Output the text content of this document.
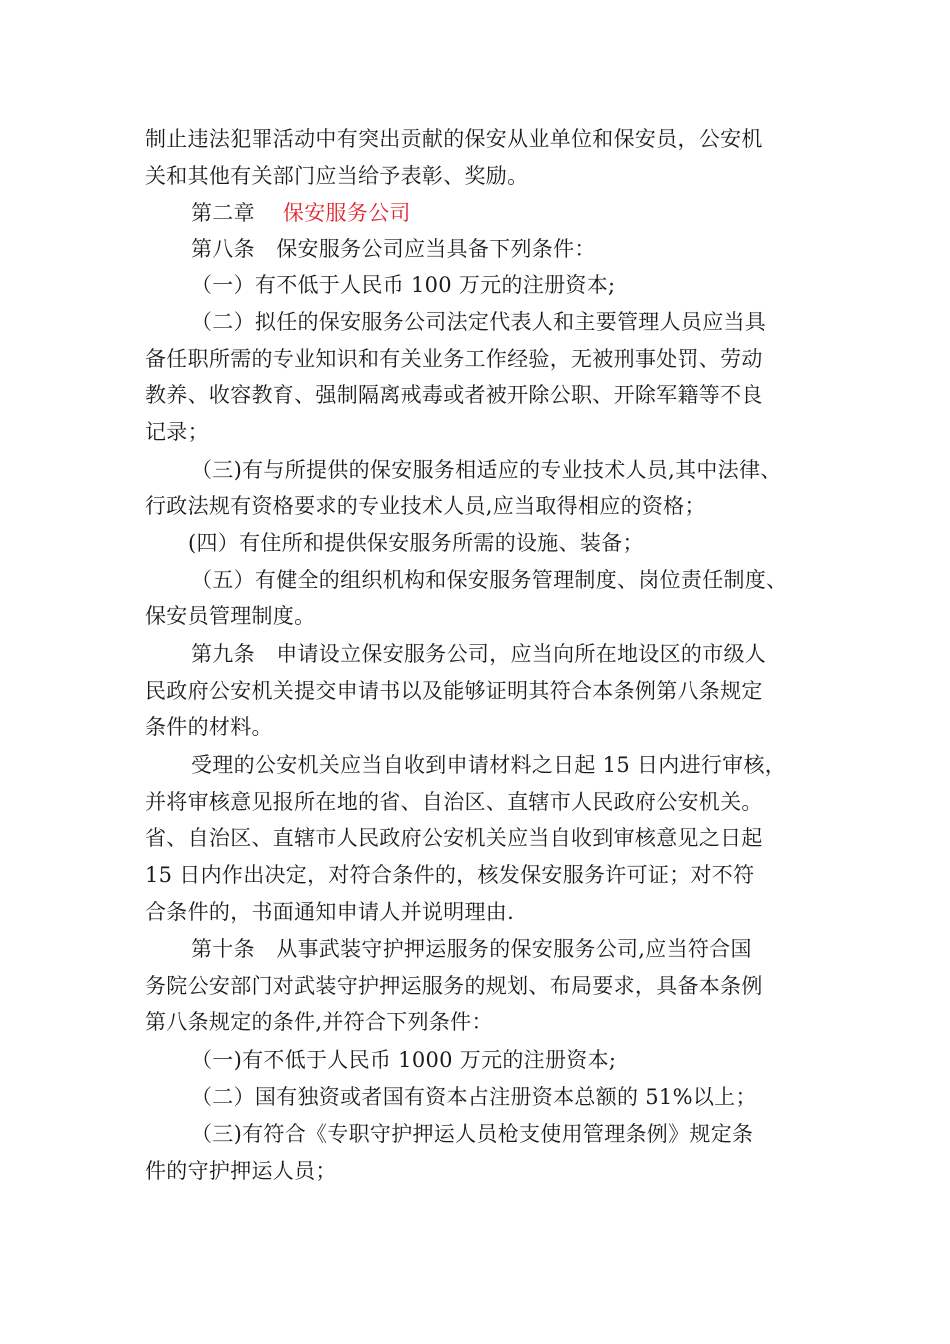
制止违法犯罪活动中有突出贡献的保安从业单位和保安员，公安机
关和其他有关部门应当给予表彰、奖励。
第二章 保安服务公司
第八条　保安服务公司应当具备下列条件：
（一）有不低于人民币 100 万元的注册资本;
（二）拟任的保安服务公司法定代表人和主要管理人员应当具
备任职所需的专业知识和有关业务工作经验，无被刑事处罚、劳动
教养、收容教育、强制隔离戒毒或者被开除公职、开除军籍等不良
记录；
（三)有与所提供的保安服务相适应的专业技术人员,其中法律、
行政法规有资格要求的专业技术人员,应当取得相应的资格；
(四）有住所和提供保安服务所需的设施、装备；
（五）有健全的组织机构和保安服务管理制度、岗位责任制度、
保安员管理制度。
第九条　申请设立保安服务公司，应当向所在地设区的市级人
民政府公安机关提交申请书以及能够证明其符合本条例第八条规定
条件的材料。
受理的公安机关应当自收到申请材料之日起 15 日内进行审核，
并将审核意见报所在地的省、自治区、直辖市人民政府公安机关。
省、自治区、直辖市人民政府公安机关应当自收到审核意见之日起
15 日内作出决定，对符合条件的，核发保安服务许可证；对不符
合条件的，书面通知申请人并说明理由.
第十条　从事武装守护押运服务的保安服务公司,应当符合国
务院公安部门对武装守护押运服务的规划、布局要求，具备本条例
第八条规定的条件,并符合下列条件：
（一)有不低于人民币 1000 万元的注册资本;
（二）国有独资或者国有资本占注册资本总额的 51%以上；
（三)有符合《专职守护押运人员枪支使用管理条例》规定条
件的守护押运人员；
